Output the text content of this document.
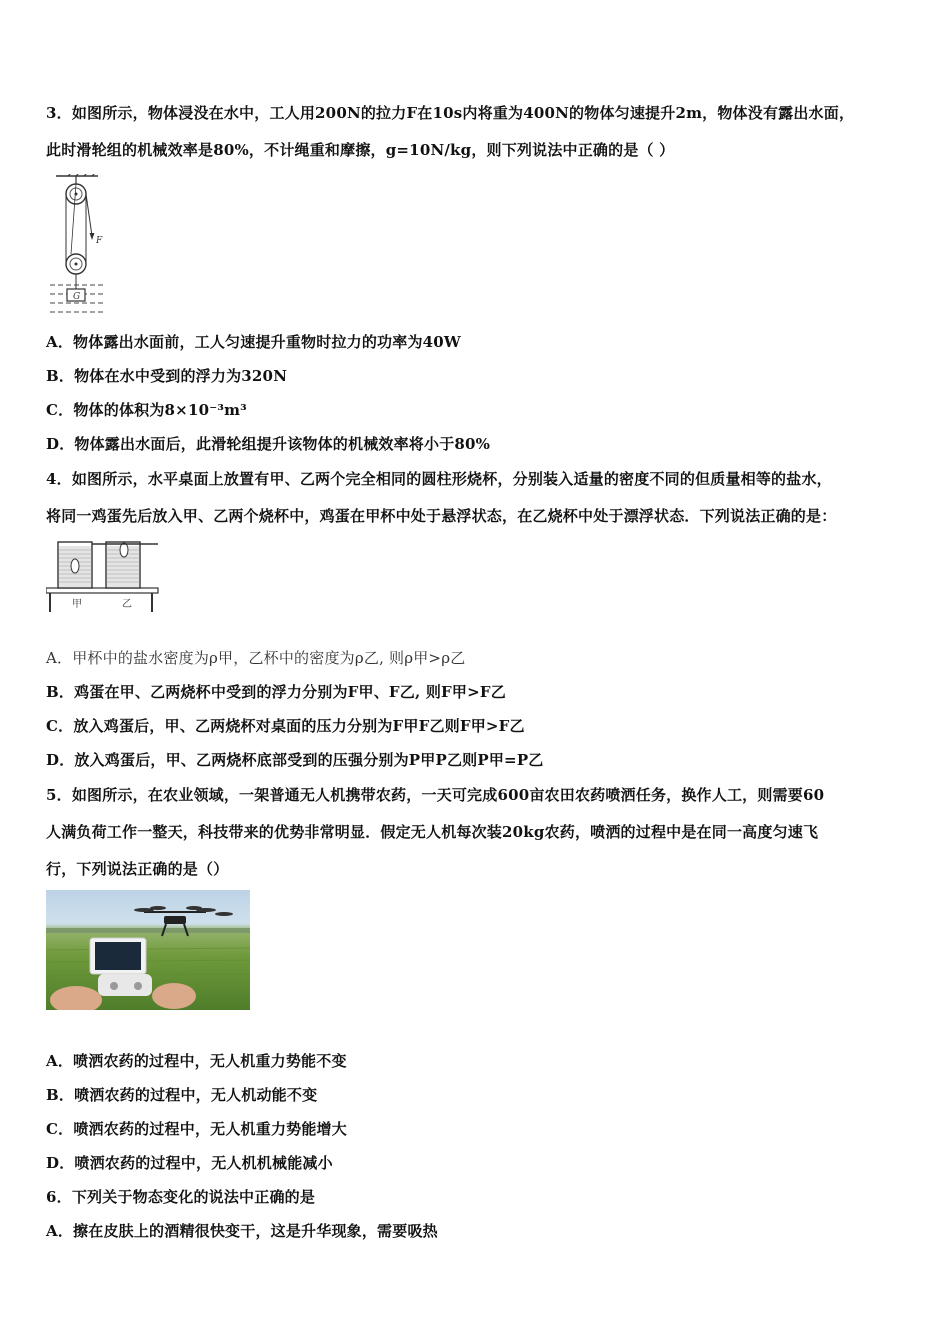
3．如图所示，物体浸没在水中，工人用200N的拉力F在10s内将重为400N的物体匀速提升2m，物体没有露出水面，
此时滑轮组的机械效率是80%，不计绳重和摩擦，g=10N/kg，则下列说法中正确的是（ ）
F
G
A．物体露出水面前，工人匀速提升重物时拉力的功率为40W
B．物体在水中受到的浮力为320N
C．物体的体积为8×10⁻³m³
D．物体露出水面后，此滑轮组提升该物体的机械效率将小于80%
4．如图所示，水平桌面上放置有甲、乙两个完全相同的圆柱形烧杯，分别装入适量的密度不同的但质量相等的盐水，
将同一鸡蛋先后放入甲、乙两个烧杯中，鸡蛋在甲杯中处于悬浮状态，在乙烧杯中处于漂浮状态．下列说法正确的是：
甲	乙
A．甲杯中的盐水密度为ρ甲，乙杯中的密度为ρ乙, 则ρ甲>ρ乙
B．鸡蛋在甲、乙两烧杯中受到的浮力分别为F甲、F乙, 则F甲>F乙
C．放入鸡蛋后，甲、乙两烧杯对桌面的压力分别为F甲F乙则F甲>F乙
D．放入鸡蛋后，甲、乙两烧杯底部受到的压强分别为P甲P乙则P甲=P乙
5．如图所示，在农业领域，一架普通无人机携带农药，一天可完成600亩农田农药喷洒任务，换作人工，则需要60
人满负荷工作一整天，科技带来的优势非常明显．假定无人机每次装20kg农药，喷洒的过程中是在同一高度匀速飞
行，下列说法正确的是（）
A．喷洒农药的过程中，无人机重力势能不变
B．喷洒农药的过程中，无人机动能不变
C．喷洒农药的过程中，无人机重力势能增大
D．喷洒农药的过程中，无人机机械能减小
6．下列关于物态变化的说法中正确的是
A．擦在皮肤上的酒精很快变干，这是升华现象，需要吸热
